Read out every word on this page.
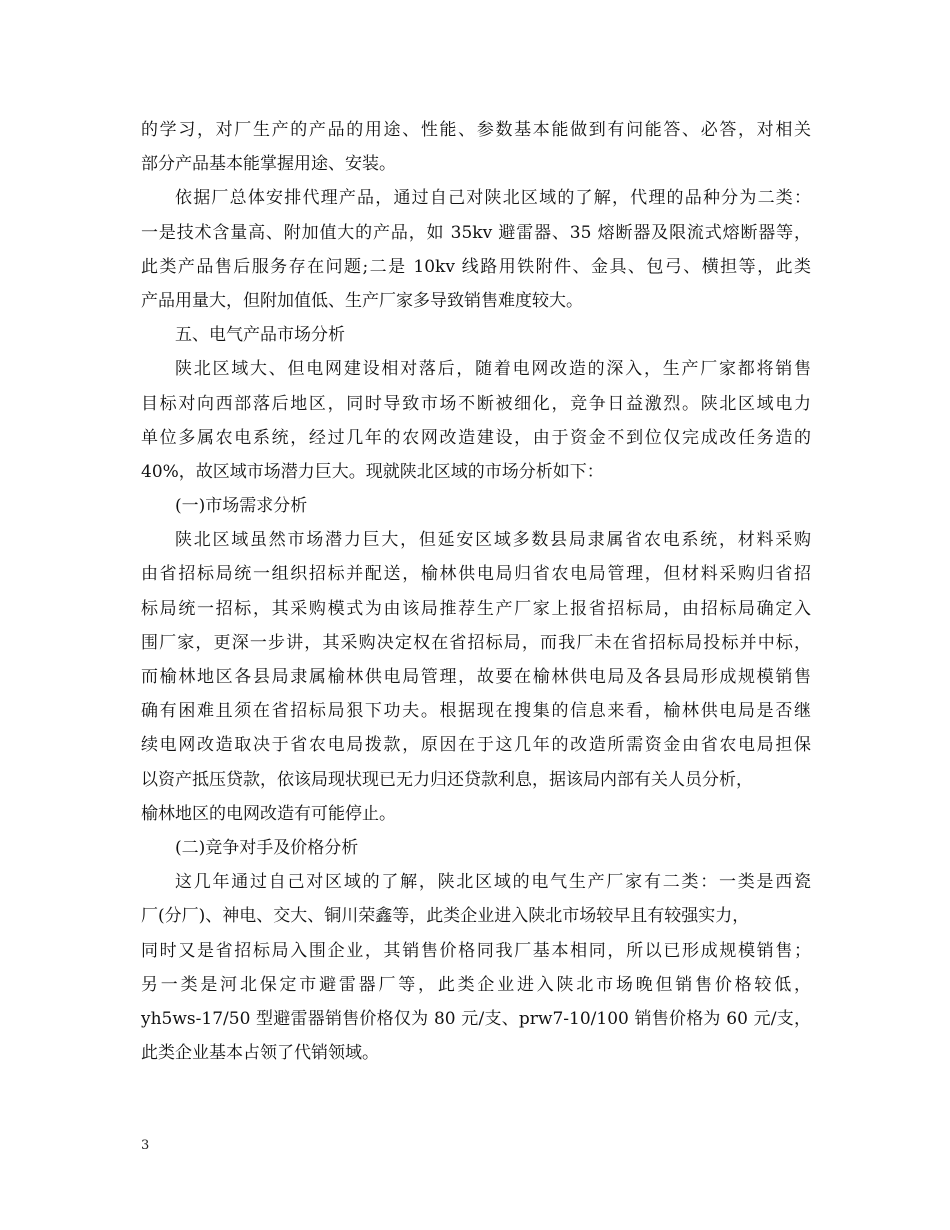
的学习，对厂生产的产品的用途、性能、参数基本能做到有问能答、必答，对相关
部分产品基本能掌握用途、安装。
依据厂总体安排代理产品，通过自己对陕北区域的了解，代理的品种分为二类：
一是技术含量高、附加值大的产品，如 35kv 避雷器、35 熔断器及限流式熔断器等，
此类产品售后服务存在问题;二是 10kv 线路用铁附件、金具、包弓、横担等，此类
产品用量大，但附加值低、生产厂家多导致销售难度较大。
五、电气产品市场分析
陕北区域大、但电网建设相对落后，随着电网改造的深入，生产厂家都将销售
目标对向西部落后地区，同时导致市场不断被细化，竞争日益激烈。陕北区域电力
单位多属农电系统，经过几年的农网改造建设，由于资金不到位仅完成改任务造的
40%，故区域市场潜力巨大。现就陕北区域的市场分析如下：
(一)市场需求分析
陕北区域虽然市场潜力巨大，但延安区域多数县局隶属省农电系统，材料采购
由省招标局统一组织招标并配送，榆林供电局归省农电局管理，但材料采购归省招
标局统一招标，其采购模式为由该局推荐生产厂家上报省招标局，由招标局确定入
围厂家，更深一步讲，其采购决定权在省招标局，而我厂未在省招标局投标并中标，
而榆林地区各县局隶属榆林供电局管理，故要在榆林供电局及各县局形成规模销售
确有困难且须在省招标局狠下功夫。根据现在搜集的信息来看，榆林供电局是否继
续电网改造取决于省农电局拨款，原因在于这几年的改造所需资金由省农电局担保
以资产抵压贷款，依该局现状现已无力归还贷款利息，据该局内部有关人员分析，
榆林地区的电网改造有可能停止。
(二)竞争对手及价格分析
这几年通过自己对区域的了解，陕北区域的电气生产厂家有二类：一类是西瓷
厂(分厂)、神电、交大、铜川荣鑫等，此类企业进入陕北市场较早且有较强实力，
同时又是省招标局入围企业，其销售价格同我厂基本相同，所以已形成规模销售；
另一类是河北保定市避雷器厂等，此类企业进入陕北市场晚但销售价格较低，
yh5ws-17/50 型避雷器销售价格仅为 80 元/支、prw7-10/100 销售价格为 60 元/支，
此类企业基本占领了代销领域。
3
